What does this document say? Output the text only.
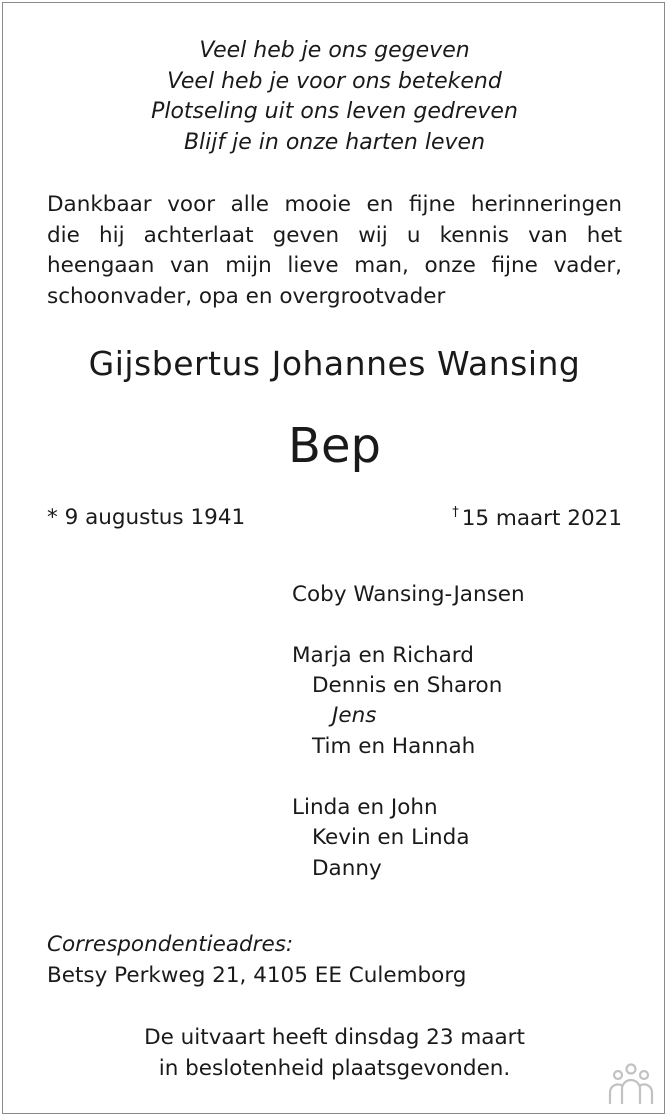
Veel heb je ons gegeven
Veel heb je voor ons betekend
Plotseling uit ons leven gedreven
Blijf je in onze harten leven
Dankbaar voor alle mooie en fijne herinneringen
die hij achterlaat geven wij u kennis van het
heengaan van mijn lieve man, onze fijne vader,
schoonvader, opa en overgrootvader
Gijsbertus Johannes Wansing
Bep
* 9 augustus 1941	† 15 maart 2021
Coby Wansing-Jansen
Marja en Richard
Dennis en Sharon
Jens
Tim en Hannah
Linda en John
Kevin en Linda
Danny
Correspondentieadres:
Betsy Perkweg 21, 4105 EE Culemborg
De uitvaart heeft dinsdag 23 maart
in beslotenheid plaatsgevonden.
